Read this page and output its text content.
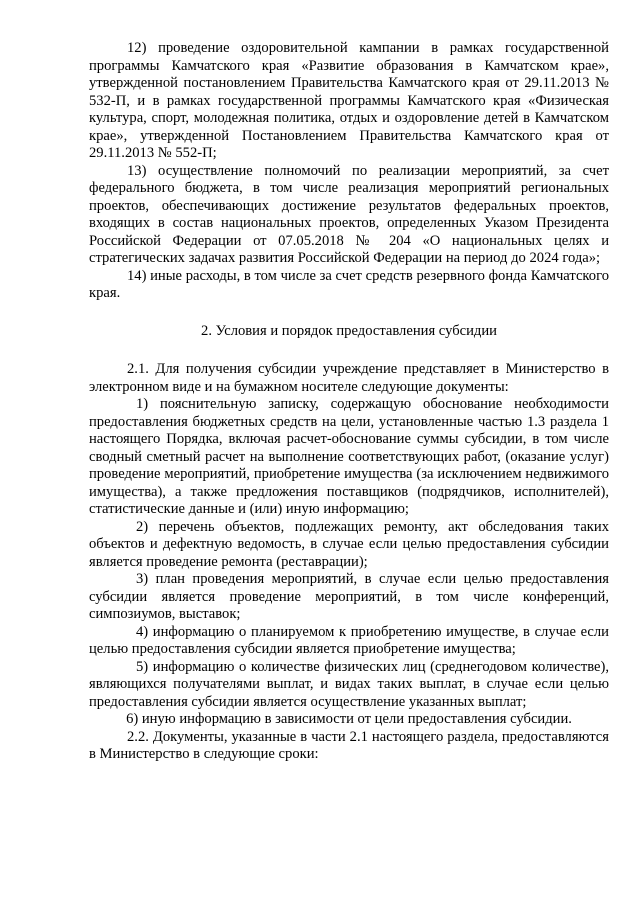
12) проведение оздоровительной кампании в рамках государственной программы Камчатского края «Развитие образования в Камчатском крае», утвержденной постановлением Правительства Камчатского края от 29.11.2013 № 532-П, и в рамках государственной программы Камчатского края «Физическая культура, спорт, молодежная политика, отдых и оздоровление детей в Камчатском крае», утвержденной Постановлением Правительства Камчатского края от 29.11.2013 № 552-П;

13) осуществление полномочий по реализации мероприятий, за счет федерального бюджета, в том числе реализация мероприятий региональных проектов, обеспечивающих достижение результатов федеральных проектов, входящих в состав национальных проектов, определенных Указом Президента Российской Федерации от 07.05.2018 № 204 «О национальных целях и стратегических задачах развития Российской Федерации на период до 2024 года»;

14) иные расходы, в том числе за счет средств резервного фонда Камчатского края.

2. Условия и порядок предоставления субсидии

2.1. Для получения субсидии учреждение представляет в Министерство в электронном виде и на бумажном носителе следующие документы:

1) пояснительную записку, содержащую обоснование необходимости предоставления бюджетных средств на цели, установленные частью 1.3 раздела 1 настоящего Порядка, включая расчет-обоснование суммы субсидии, в том числе сводный сметный расчет на выполнение соответствующих работ, (оказание услуг) проведение мероприятий, приобретение имущества (за исключением недвижимого имущества), а также предложения поставщиков (подрядчиков, исполнителей), статистические данные и (или) иную информацию;

2) перечень объектов, подлежащих ремонту, акт обследования таких объектов и дефектную ведомость, в случае если целью предоставления субсидии является проведение ремонта (реставрации);

3) план проведения мероприятий, в случае если целью предоставления субсидии является проведение мероприятий, в том числе конференций, симпозиумов, выставок;

4) информацию о планируемом к приобретению имуществе, в случае если целью предоставления субсидии является приобретение имущества;

5) информацию о количестве физических лиц (среднегодовом количестве), являющихся получателями выплат, и видах таких выплат, в случае если целью предоставления субсидии является осуществление указанных выплат;

6) иную информацию в зависимости от цели предоставления субсидии.

2.2. Документы, указанные в части 2.1 настоящего раздела, предоставляются в Министерство в следующие сроки:
